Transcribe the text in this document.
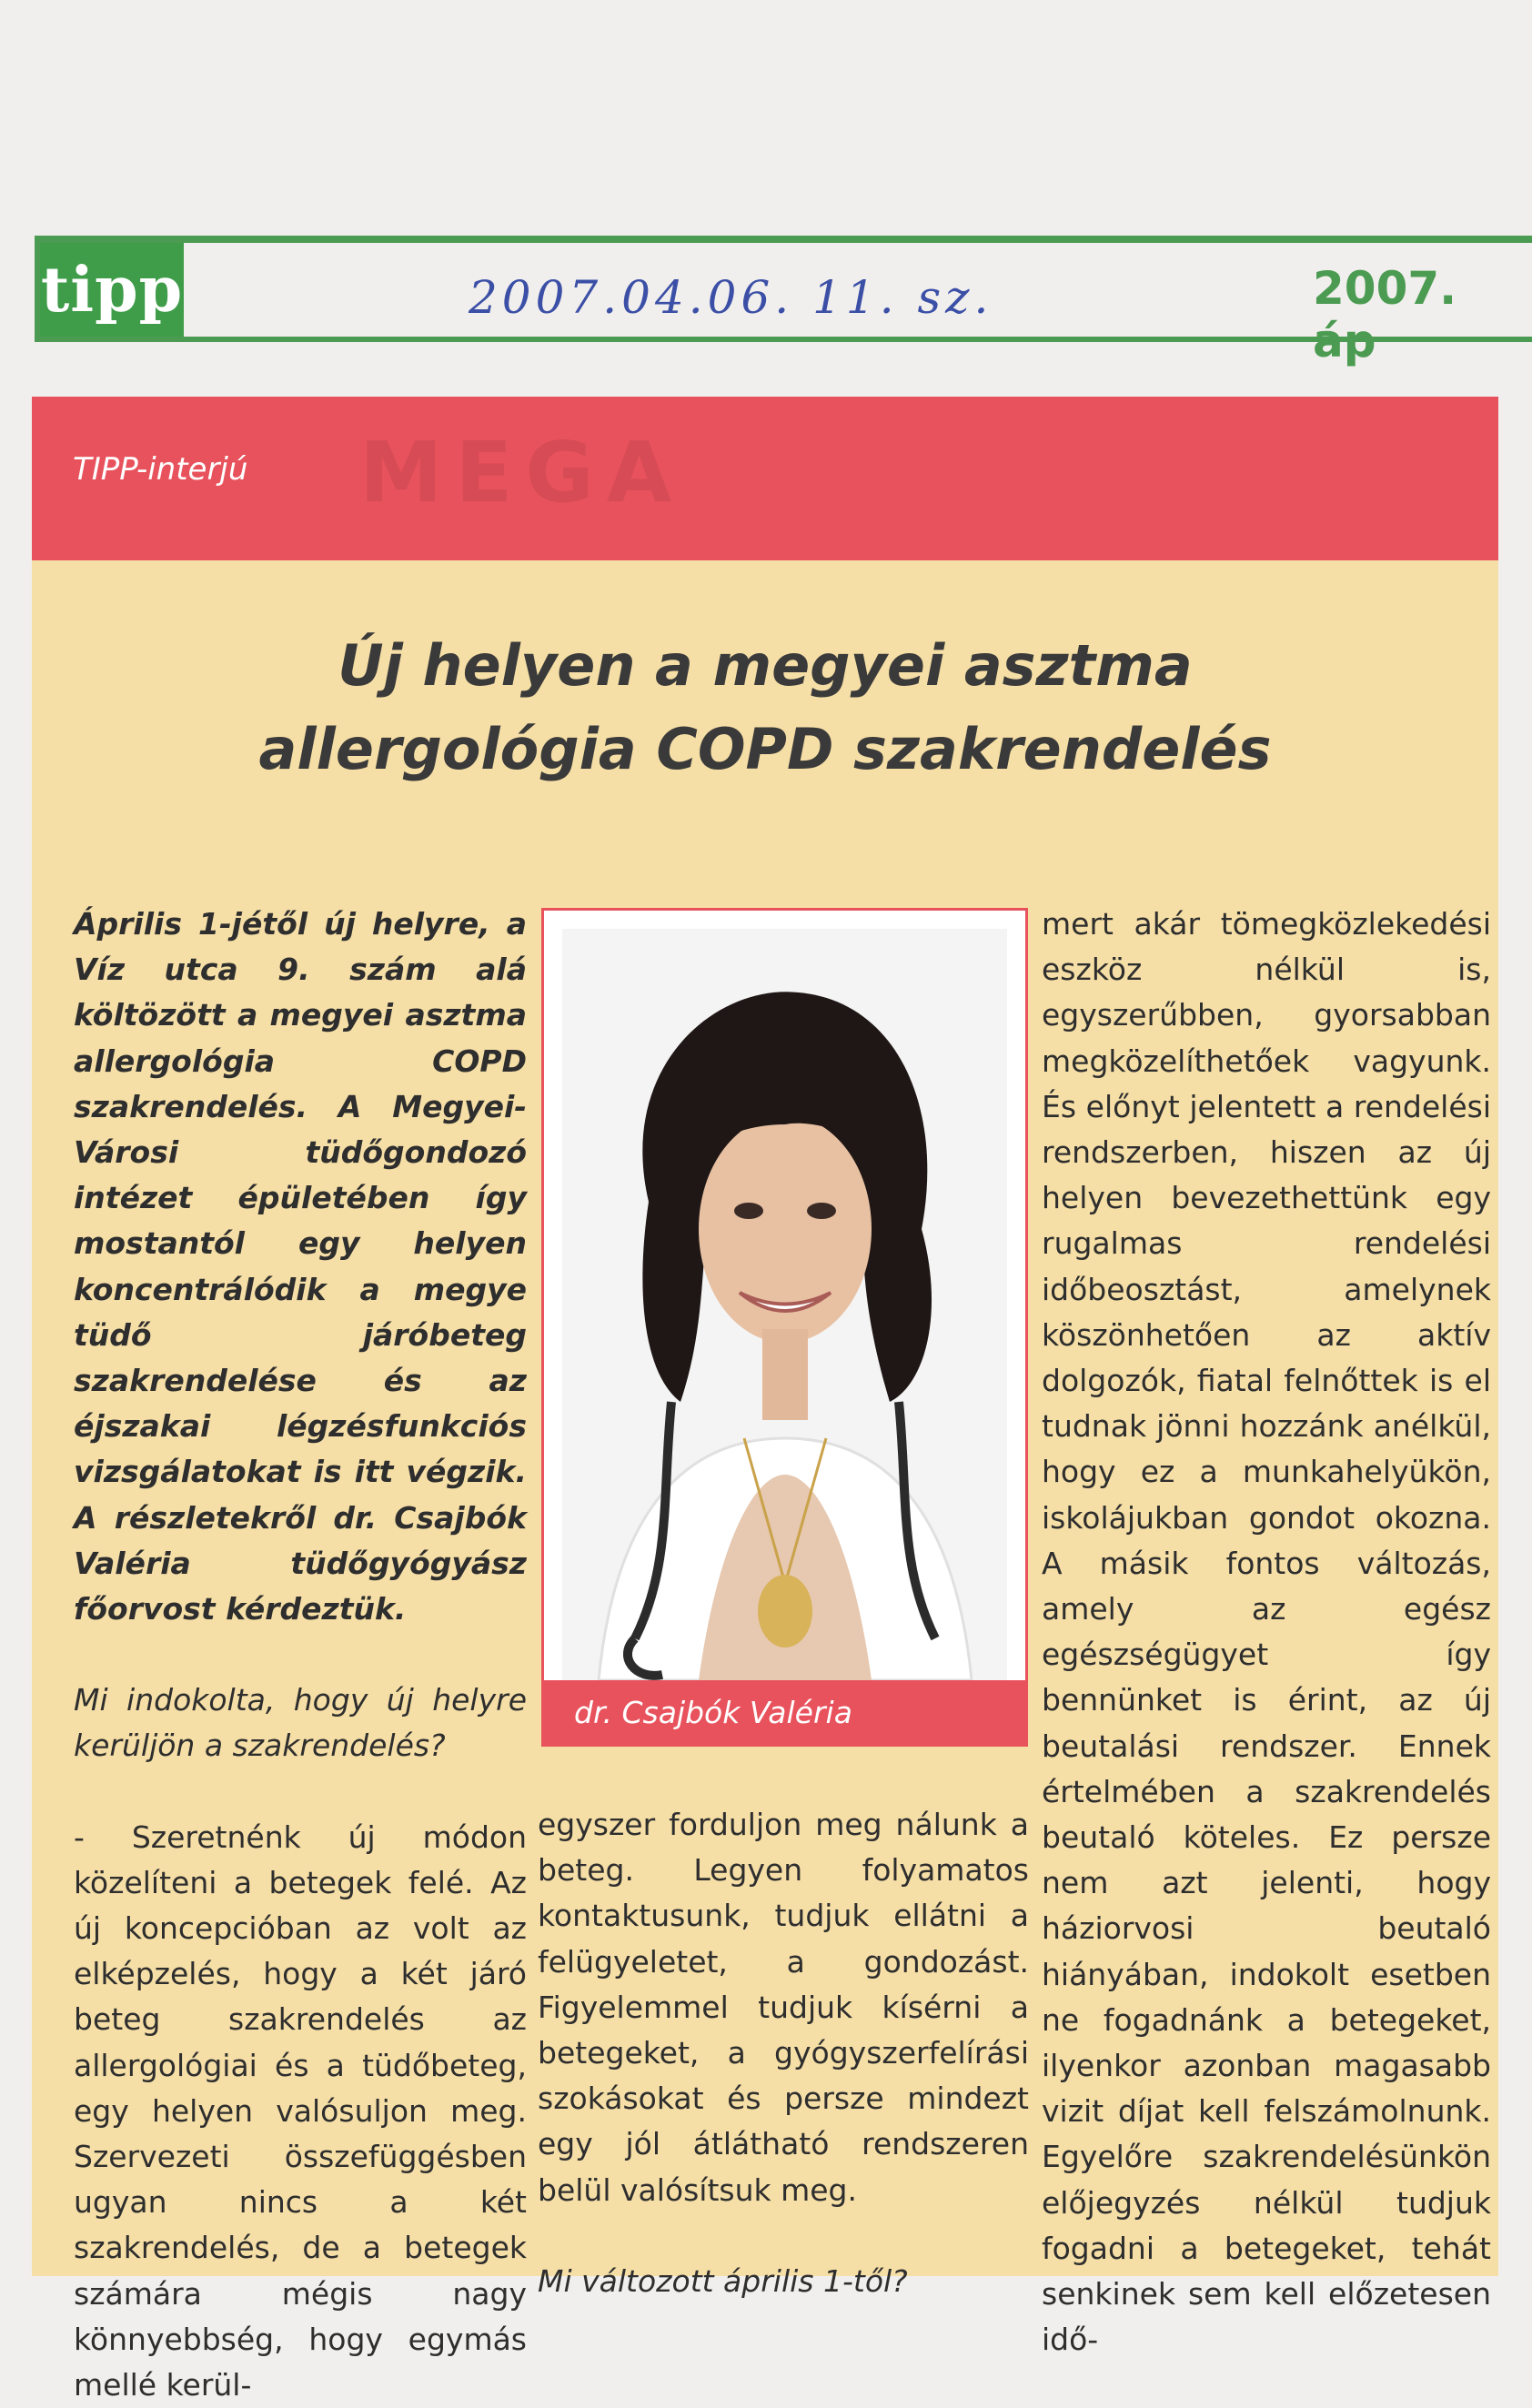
tipp	2007.04.06. 11. sz.	2007. áp
MEGA
TIPP-interjú
Új helyen a megyei asztma
allergológia COPD szakrendelés

Április 1-jétől új helyre, a Víz utca 9. szám alá költözött a megyei asztma allergológia COPD szakrendelés. A Megyei-Városi tüdőgondozó intézet épületében így mostantól egy helyen koncentrálódik a megye tüdő járóbeteg szakrendelése és az éjszakai légzésfunkciós vizsgálatokat is itt végzik. A részletekről dr. Csajbók Valéria tüdőgyógyász főorvost kérdeztük.

Mi indokolta, hogy új helyre kerüljön a szakrendelés?

- Szeretnénk új módon közelíteni a betegek felé. Az új koncepcióban az volt az elképzelés, hogy a két járó beteg szakrendelés az allergológiai és a tüdőbeteg, egy helyen valósuljon meg. Szervezeti összefüggésben ugyan nincs a két szakrendelés, de a betegek számára mégis nagy könnyebbség, hogy egymás mellé kerül-

dr. Csajbók Valéria

egyszer forduljon meg nálunk a beteg. Legyen folyamatos kontaktusunk, tudjuk ellátni a felügyeletet, a gondozást. Figyelemmel tudjuk kísérni a betegeket, a gyógyszerfelírási szokásokat és persze mindezt egy jól átlátható rendszeren belül valósítsuk meg.

Mi változott április 1-től?

mert akár tömegközlekedési eszköz nélkül is, egyszerűbben, gyorsabban megközelíthetőek vagyunk. És előnyt jelentett a rendelési rendszerben, hiszen az új helyen bevezethettünk egy rugalmas rendelési időbeosztást, amelynek köszönhetően az aktív dolgozók, fiatal felnőttek is el tudnak jönni hozzánk anélkül, hogy ez a munkahelyükön, iskolájukban gondot okozna. A másik fontos változás, amely az egész egészségügyet így bennünket is érint, az új beutalási rendszer. Ennek értelmében a szakrendelés beutaló köteles. Ez persze nem azt jelenti, hogy háziorvosi beutaló hiányában, indokolt esetben ne fogadnánk a betegeket, ilyenkor azonban magasabb vizit díjat kell felszámolnunk. Egyelőre szakrendelésünkön előjegyzés nélkül tudjuk fogadni a betegeket, tehát senkinek sem kell előzetesen idő-
